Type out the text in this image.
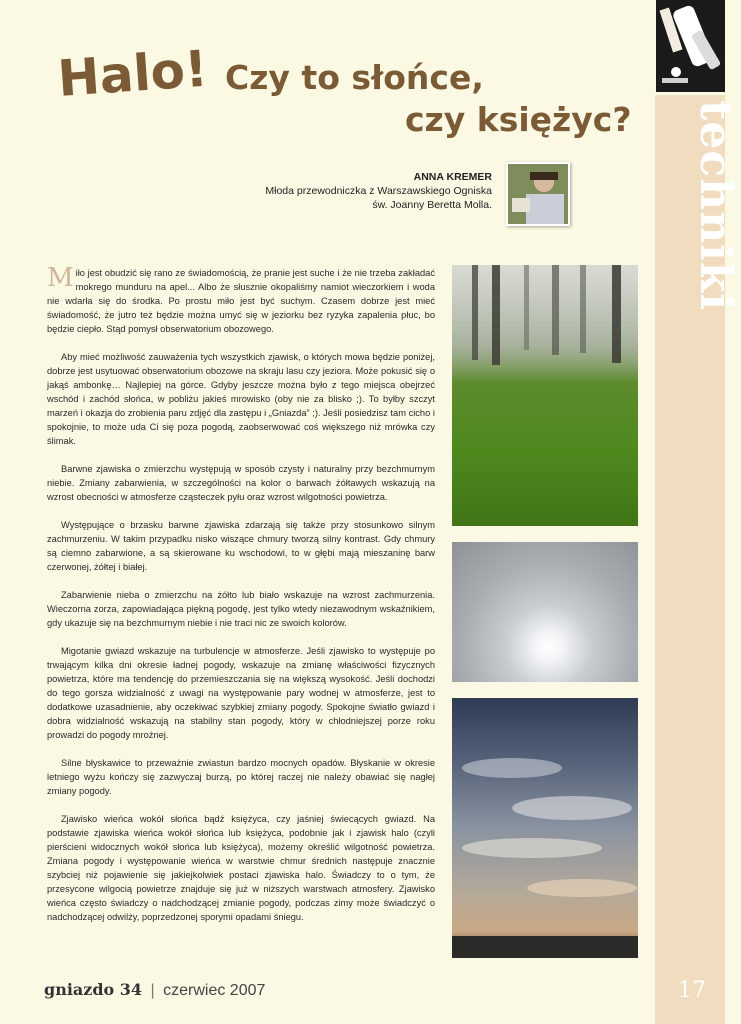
techniki
Halo! Czy to słońce,
czy księżyc?
ANNA KREMER
Młoda przewodniczka z Warszawskiego Ogniska
św. Joanny Beretta Molla.

Miło jest obudzić się rano ze świadomością, że pranie jest suche i że nie trzeba zakładać mokrego munduru na apel... Albo że słusznie okopaliśmy namiot wieczorkiem i woda nie wdarła się do środka. Po prostu miło jest być suchym. Czasem dobrze jest mieć świadomość, że jutro też będzie można umyć się w jeziorku bez ryzyka zapalenia płuc, bo będzie ciepło. Stąd pomysł obserwatorium obozowego.

Aby mieć możliwość zauważenia tych wszystkich zjawisk, o których mowa będzie poniżej, dobrze jest usytuować obserwatorium obozowe na skraju lasu czy jeziora. Może pokusić się o jakąś ambonkę… Najlepiej na górce. Gdyby jeszcze można było z tego miejsca obejrzeć wschód i zachód słońca, w pobliżu jakieś mrowisko (oby nie za blisko ;). To byłby szczyt marzeń i okazja do zrobienia paru zdjęć dla zastępu i „Gniazda” ;). Jeśli posiedzisz tam cicho i spokojnie, to może uda Ci się poza pogodą, zaobserwować coś większego niż mrówka czy ślimak.

Barwne zjawiska o zmierzchu występują w sposób czysty i naturalny przy bezchmurnym niebie. Zmiany zabarwienia, w szczególności na kolor o barwach żółtawych wskazują na wzrost obecności w atmosferze cząsteczek pyłu oraz wzrost wilgotności powietrza.

Występujące o brzasku barwne zjawiska zdarzają się także przy stosunkowo silnym zachmurzeniu. W takim przypadku nisko wiszące chmury tworzą silny kontrast. Gdy chmury są ciemno zabarwione, a są skierowane ku wschodowi, to w głębi mają mieszaninę barw czerwonej, żółtej i białej.

Zabarwienie nieba o zmierzchu na żółto lub biało wskazuje na wzrost zachmurzenia. Wieczorna zorza, zapowiadająca piękną pogodę, jest tylko wtedy niezawodnym wskaźnikiem, gdy ukazuje się na bezchmurnym niebie i nie traci nic ze swoich kolorów.

Migotanie gwiazd wskazuje na turbulencje w atmosferze. Jeśli zjawisko to występuje po trwającym kilka dni okresie ładnej pogody, wskazuje na zmianę właściwości fizycznych powietrza, które ma tendencję do przemieszczania się na większą wysokość. Jeśli dochodzi do tego gorsza widzialność z uwagi na występowanie pary wodnej w atmosferze, jest to dodatkowe uzasadnienie, aby oczekiwać szybkiej zmiany pogody. Spokojne światło gwiazd i dobra widzialność wskazują na stabilny stan pogody, który w chłodniejszej porze roku prowadzi do pogody mroźnej.

Silne błyskawice to przeważnie zwiastun bardzo mocnych opadów. Błyskanie w okresie letniego wyżu kończy się zazwyczaj burzą, po której raczej nie należy obawiać się nagłej zmiany pogody.

Zjawisko wieńca wokół słońca bądź księżyca, czy jaśniej świecących gwiazd. Na podstawie zjawiska wieńca wokół słońca lub księżyca, podobnie jak i zjawisk halo (czyli pierścieni widocznych wokół słońca lub księżyca), możemy określić wilgotność powietrza. Zmiana pogody i występowanie wieńca w warstwie chmur średnich następuje znacznie szybciej niż pojawienie się jakiejkolwiek postaci zjawiska halo. Świadczy to o tym, że przesycone wilgocią powietrze znajduje się już w niższych warstwach atmosfery. Zjawisko wieńca często świadczy o nadchodzącej zmianie pogody, podczas zimy może świadczyć o nadchodzącej odwilży, poprzedzonej sporymi opadami śniegu.

gniazdo 34 | czerwiec 2007	17
